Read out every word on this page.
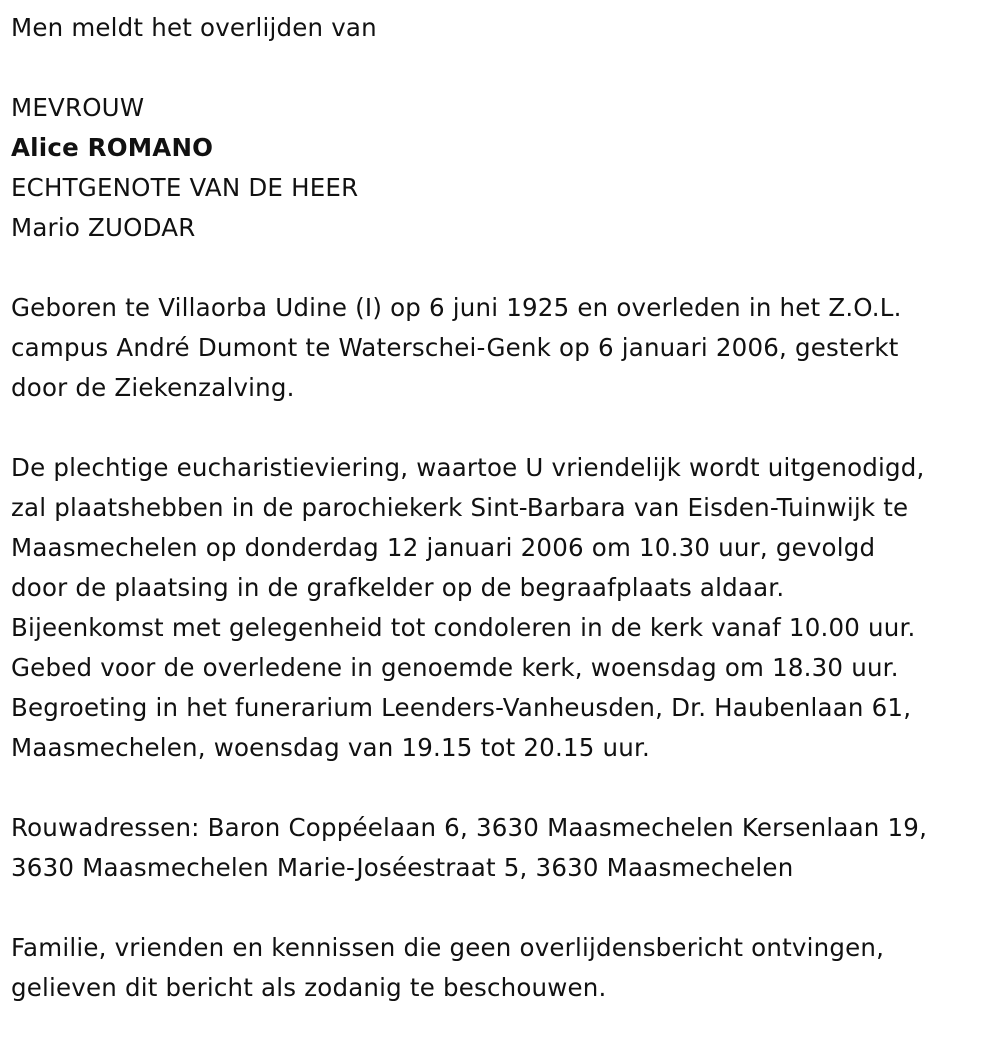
Men meldt het overlijden van
MEVROUW
Alice ROMANO
ECHTGENOTE VAN DE HEER
Mario ZUODAR
Geboren te Villaorba Udine (I) op 6 juni 1925 en overleden in het Z.O.L.
campus André Dumont te Waterschei-Genk op 6 januari 2006, gesterkt
door de Ziekenzalving.
De plechtige eucharistieviering, waartoe U vriendelijk wordt uitgenodigd,
zal plaatshebben in de parochiekerk Sint-Barbara van Eisden-Tuinwijk te
Maasmechelen op donderdag 12 januari 2006 om 10.30 uur, gevolgd
door de plaatsing in de grafkelder op de begraafplaats aldaar.
Bijeenkomst met gelegenheid tot condoleren in de kerk vanaf 10.00 uur.
Gebed voor de overledene in genoemde kerk, woensdag om 18.30 uur.
Begroeting in het funerarium Leenders-Vanheusden, Dr. Haubenlaan 61,
Maasmechelen, woensdag van 19.15 tot 20.15 uur.
Rouwadressen: Baron Coppéelaan 6, 3630 Maasmechelen Kersenlaan 19,
3630 Maasmechelen Marie-Joséestraat 5, 3630 Maasmechelen
Familie, vrienden en kennissen die geen overlijdensbericht ontvingen,
gelieven dit bericht als zodanig te beschouwen.
